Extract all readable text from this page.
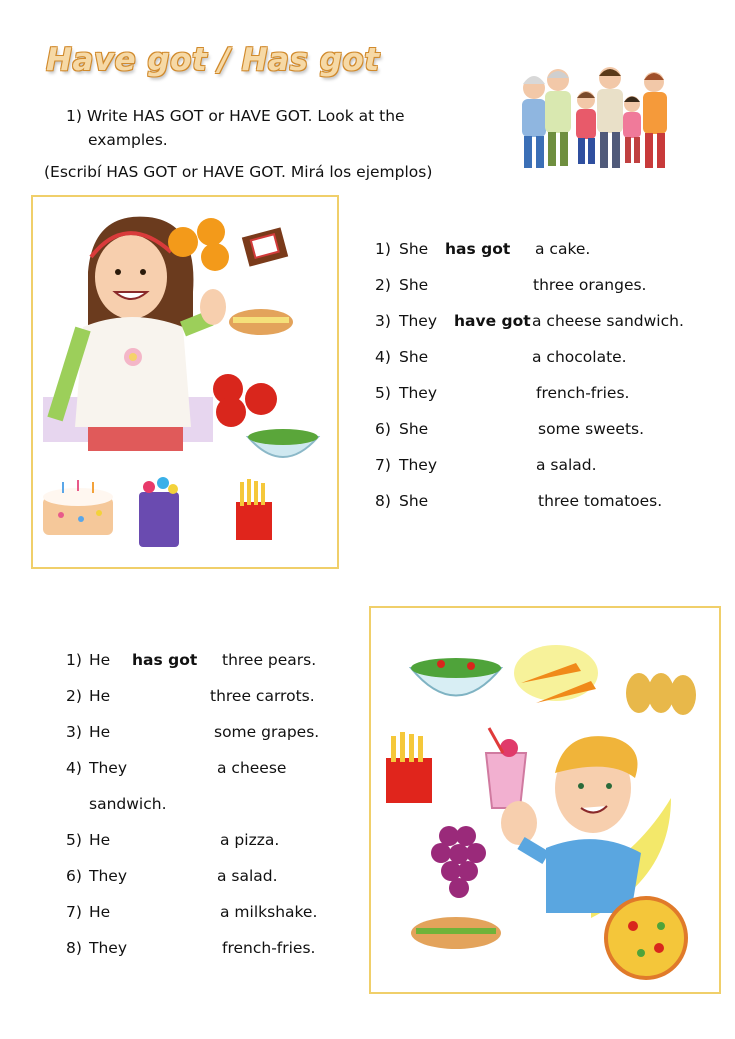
Have got / Has got
1) Write HAS GOT or HAVE GOT. Look at the
examples.
(Escribí HAS GOT or HAVE GOT. Mirá los ejemplos)
1) She has got a cake.
2) She	three oranges.
3) They have got a cheese sandwich.
4) She	a chocolate.
5) They	french-fries.
6) She	some sweets.
7) They	a salad.
8) She	three tomatoes.
1) He has got three pears.
2) He	three carrots.
3) He	some grapes.
4) They	a cheese
sandwich.
5) He	a pizza.
6) They	a salad.
7) He	a milkshake.
8) They	french-fries.
